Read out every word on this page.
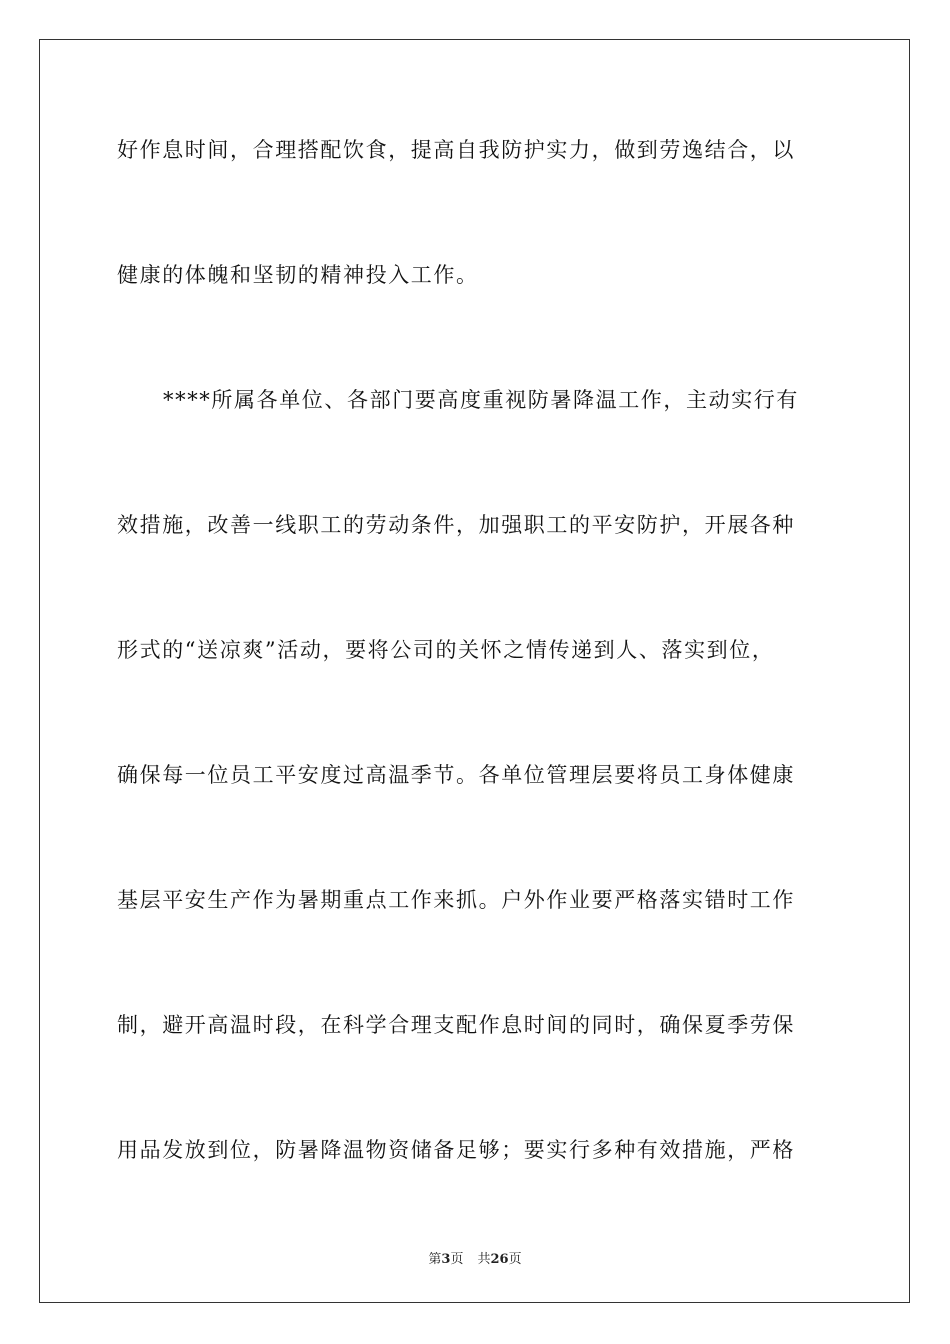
好作息时间，合理搭配饮食，提高自我防护实力，做到劳逸结合，以

健康的体魄和坚韧的精神投入工作。

****所属各单位、各部门要高度重视防暑降温工作，主动实行有

效措施，改善一线职工的劳动条件，加强职工的平安防护，开展各种

形式的“送凉爽”活动，要将公司的关怀之情传递到人、落实到位，

确保每一位员工平安度过高温季节。各单位管理层要将员工身体健康

基层平安生产作为暑期重点工作来抓。户外作业要严格落实错时工作

制，避开高温时段，在科学合理支配作息时间的同时，确保夏季劳保

用品发放到位，防暑降温物资储备足够；要实行多种有效措施，严格

第3页 共26页
